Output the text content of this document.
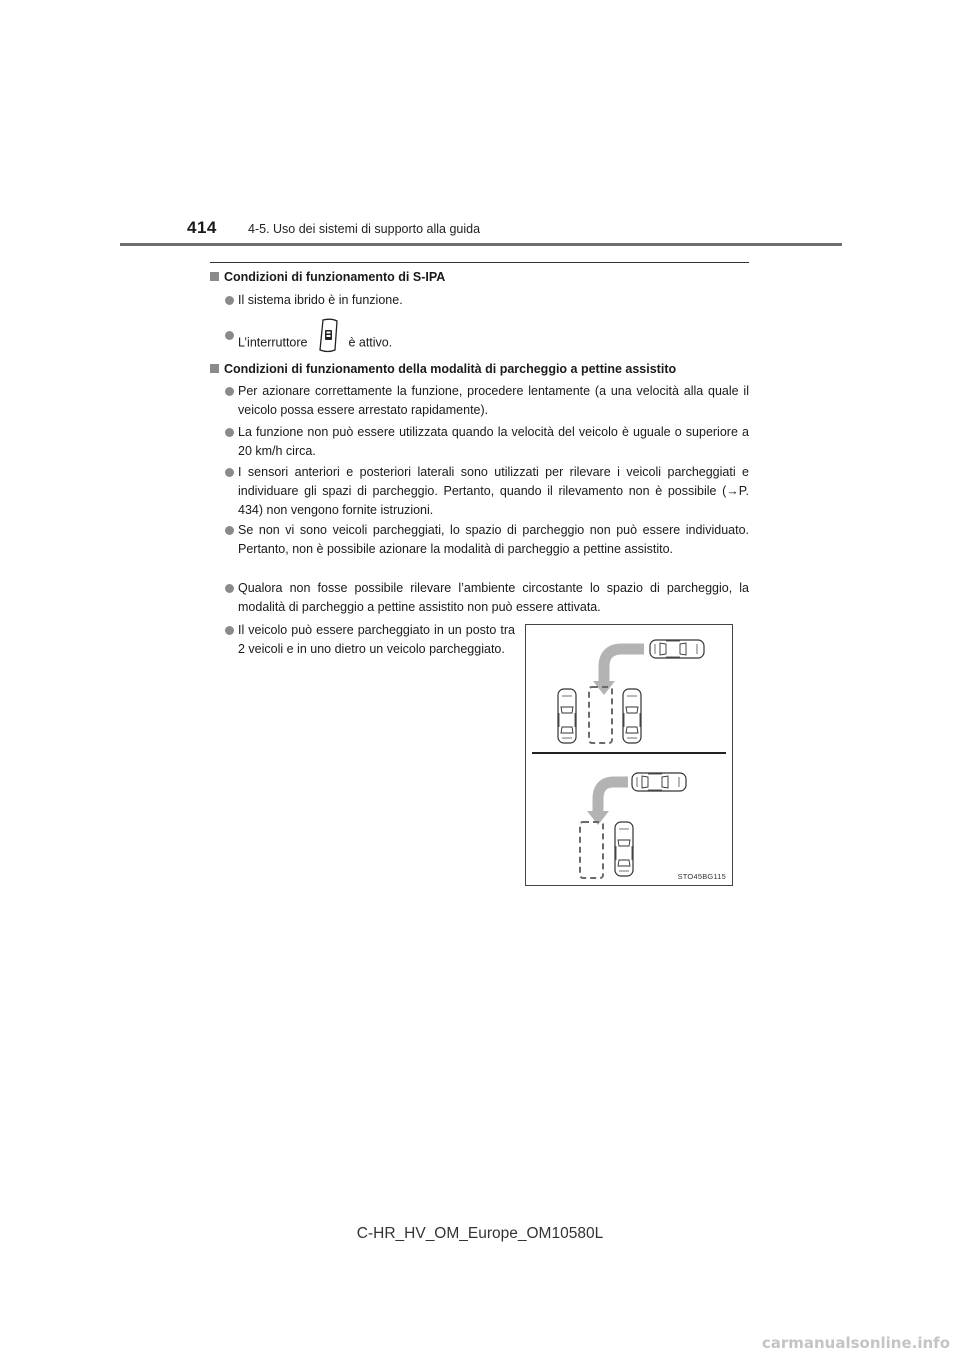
414 4-5. Uso dei sistemi di supporto alla guida
Condizioni di funzionamento di S-IPA
Il sistema ibrido è in funzione.
L’interruttore	è attivo.
Condizioni di funzionamento della modalità di parcheggio a pettine assistito
Per azionare correttamente la funzione, procedere lentamente (a una velocità alla quale il veicolo possa essere arrestato rapidamente).
La funzione non può essere utilizzata quando la velocità del veicolo è uguale o superiore a 20 km/h circa.
I sensori anteriori e posteriori laterali sono utilizzati per rilevare i veicoli parcheggiati e individuare gli spazi di parcheggio. Pertanto, quando il rilevamento non è possibile (→P. 434) non vengono fornite istruzioni.
Se non vi sono veicoli parcheggiati, lo spazio di parcheggio non può essere individuato. Pertanto, non è possibile azionare la modalità di parcheggio a pettine assistito.
Qualora non fosse possibile rilevare l’ambiente circostante lo spazio di parcheggio, la modalità di parcheggio a pettine assistito non può essere attivata.
Il veicolo può essere parcheggiato in un posto tra 2 veicoli e in uno dietro un veicolo parcheggiato.
STO45BG115
C-HR_HV_OM_Europe_OM10580L
carmanualsonline.info
